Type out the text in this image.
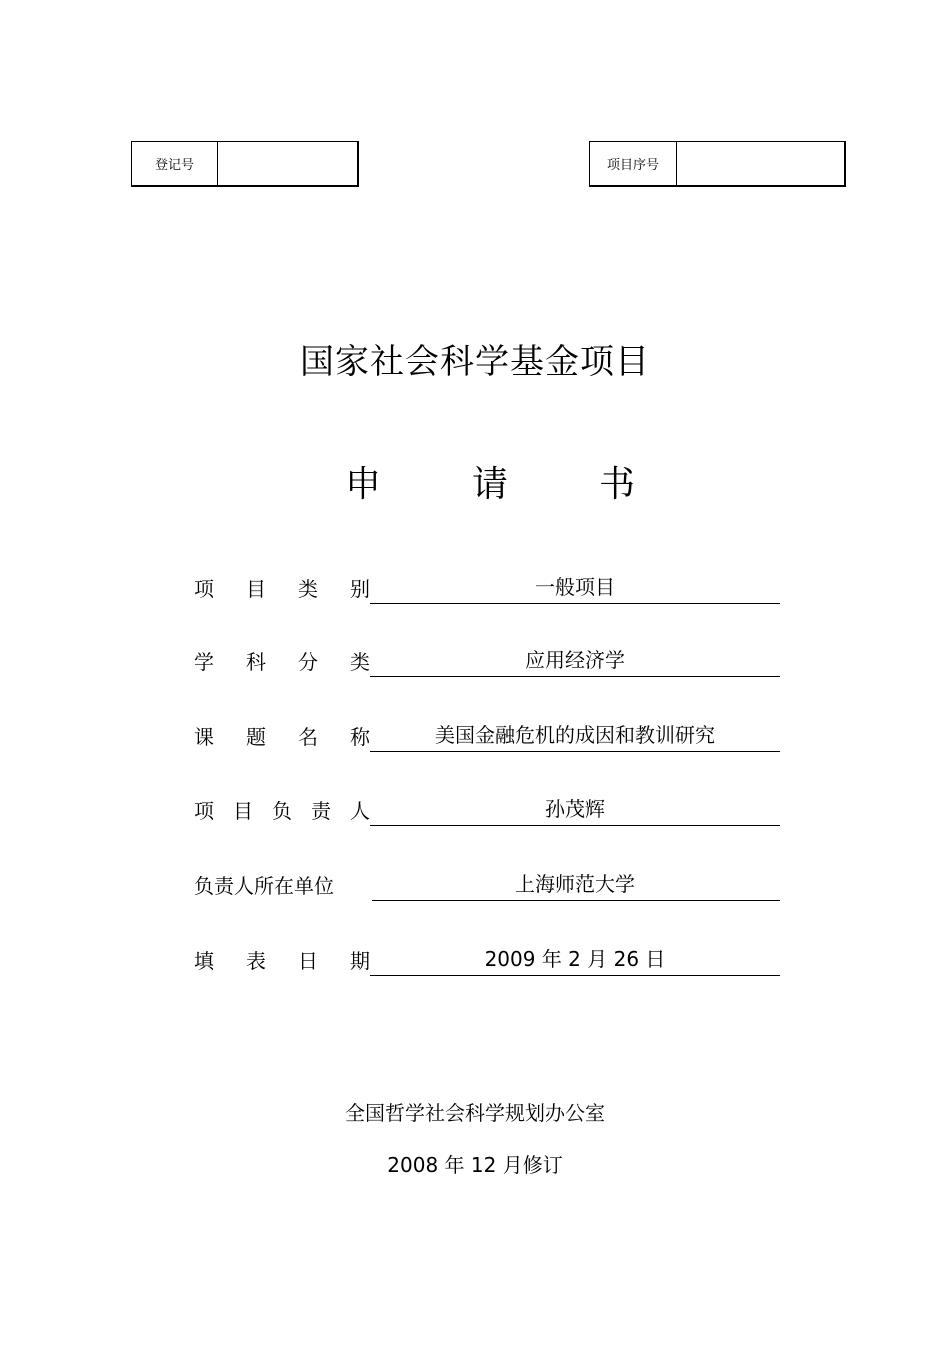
登记号	项目序号
国家社会科学基金项目
申	请	书
项 目 类 别	一般项目
学 科 分 类	应用经济学
课 题 名 称	美国金融危机的成因和教训研究
项 目 负 责 人	孙茂辉
负责人所在单位	上海师范大学
填 表 日 期	2009 年 2 月 26 日
全国哲学社会科学规划办公室
2008 年 12 月修订
